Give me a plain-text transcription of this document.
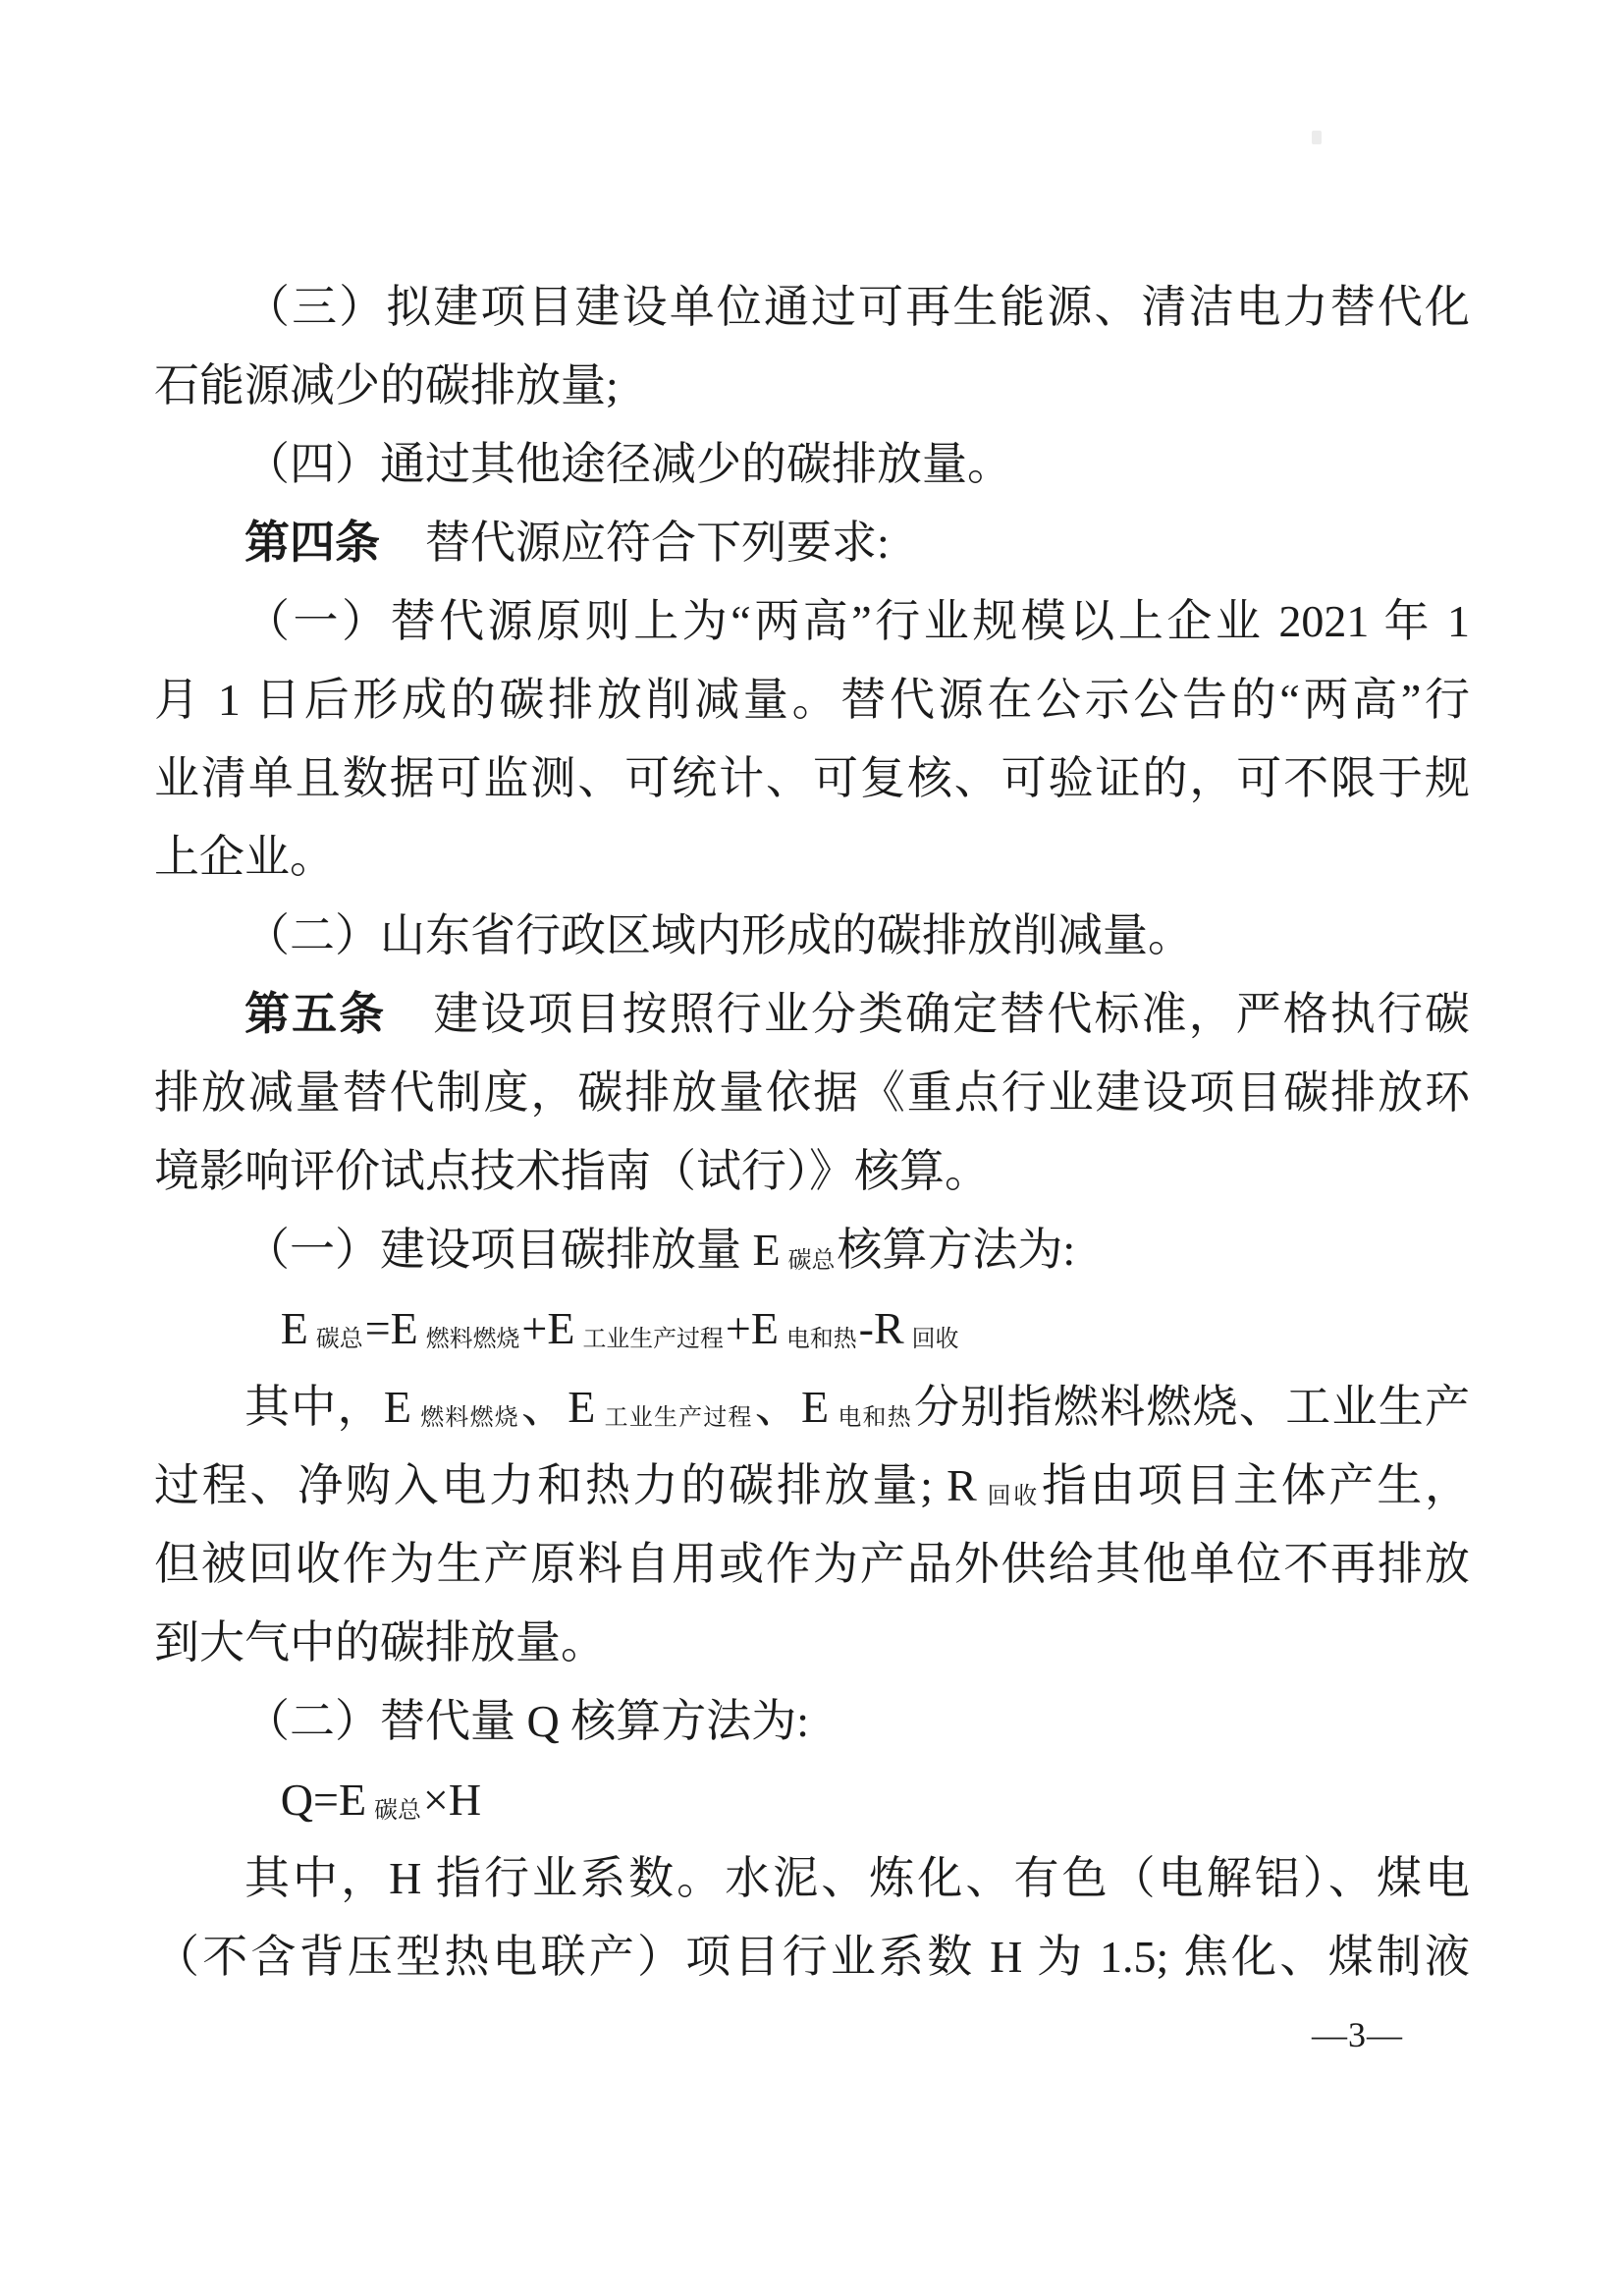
（三）拟建项目建设单位通过可再生能源、清洁电力替代化
石能源减少的碳排放量;
（四）通过其他途径减少的碳排放量。
第四条　替代源应符合下列要求:
（一）替代源原则上为“两高”行业规模以上企业 2021 年 1
月 1 日后形成的碳排放削减量。替代源在公示公告的“两高”行
业清单且数据可监测、可统计、可复核、可验证的，可不限于规
上企业。
（二）山东省行政区域内形成的碳排放削减量。
第五条　建设项目按照行业分类确定替代标准，严格执行碳
排放减量替代制度，碳排放量依据《重点行业建设项目碳排放环
境影响评价试点技术指南（试行）》核算。
（一）建设项目碳排放量 E 碳总核算方法为:
E碳总=E 燃料燃烧+E 工业生产过程+E 电和热-R 回收
其中，E 燃料燃烧、E 工业生产过程、E 电和热分别指燃料燃烧、工业生产
过程、净购入电力和热力的碳排放量; R 回收指由项目主体产生，
但被回收作为生产原料自用或作为产品外供给其他单位不再排放
到大气中的碳排放量。
（二）替代量 Q 核算方法为:
Q=E 碳总×H
其中，H 指行业系数。水泥、炼化、有色（电解铝）、煤电
（不含背压型热电联产）项目行业系数 H 为 1.5; 焦化、煤制液
—3—
